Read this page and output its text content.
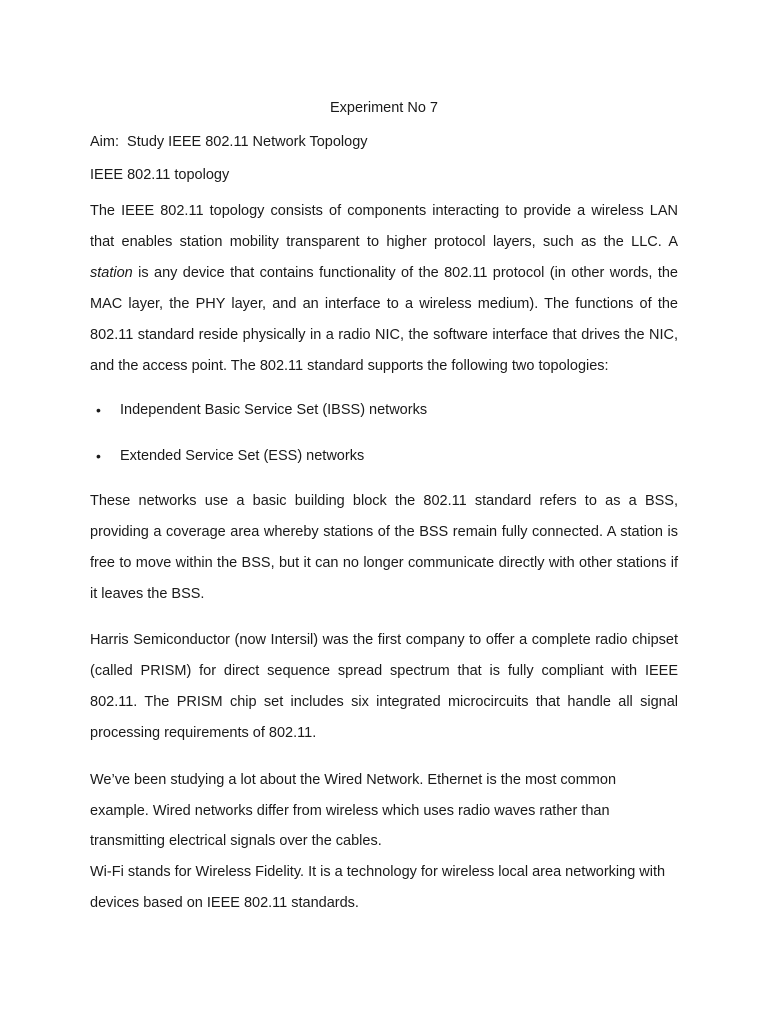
Experiment No 7
Aim:  Study IEEE 802.11 Network Topology
IEEE 802.11 topology

The IEEE 802.11 topology consists of components interacting to provide a wireless LAN that enables station mobility transparent to higher protocol layers, such as the LLC. A station is any device that contains functionality of the 802.11 protocol (in other words, the MAC layer, the PHY layer, and an interface to a wireless medium). The functions of the 802.11 standard reside physically in a radio NIC, the software interface that drives the NIC, and the access point. The 802.11 standard supports the following two topologies:

• Independent Basic Service Set (IBSS) networks
• Extended Service Set (ESS) networks

These networks use a basic building block the 802.11 standard refers to as a BSS, providing a coverage area whereby stations of the BSS remain fully connected. A station is free to move within the BSS, but it can no longer communicate directly with other stations if it leaves the BSS.

Harris Semiconductor (now Intersil) was the first company to offer a complete radio chipset (called PRISM) for direct sequence spread spectrum that is fully compliant with IEEE 802.11. The PRISM chip set includes six integrated microcircuits that handle all signal processing requirements of 802.11.

We’ve been studying a lot about the Wired Network. Ethernet is the most common example. Wired networks differ from wireless which uses radio waves rather than transmitting electrical signals over the cables.

Wi-Fi stands for Wireless Fidelity. It is a technology for wireless local area networking with devices based on IEEE 802.11 standards.
